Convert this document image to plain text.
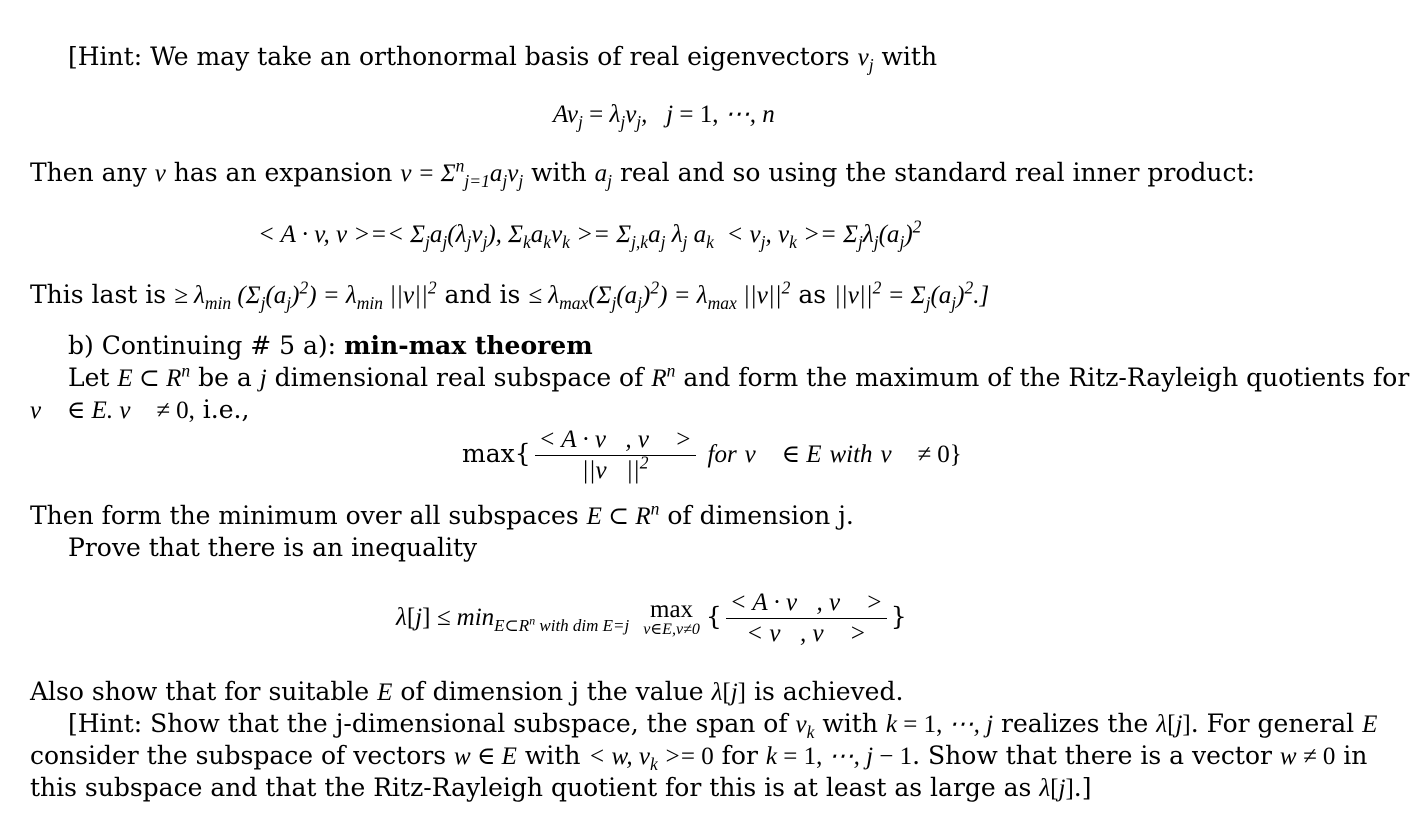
[Hint: We may take an orthonormal basis of real eigenvectors $v_j$ with
$Av_j = \lambda_jv_j$,   j = 1, ⋯, n
Then any v has an expansion $v = \Sigma^n_{j=1}a_jv_j$ with $a_j$ real and so using the standard real inner product:
< A · v, v >=< $\Sigma_ja_j(\lambda_jv_j)$, $\Sigma_ka_kv_k >= \Sigma_{j,k}a_j$ $\lambda_j$ $a_k < v_j$, $v_k >= \Sigma_j\lambda_j(a_j)^2$
This last is ≥ $\lambda_{min}$ $(\Sigma_j(a_j)^2) = \lambda_{min}$ $||v||^2$ and is ≤ $\lambda_{max}(\Sigma_j(a_j)^2) = \lambda_{max}$ $||v||^2$ as $||v||^2 = \Sigma_j(a_j)^2$.]
b) Continuing # 5 a): min-max theorem
Let E ⊂ $R^n$ be a j dimensional real subspace of $R^n$ and form the maximum of the Ritz-Rayleigh quotients for
v⃗ ∈ E. v⃗ ≠ 0, i.e.,
$\max\{ \frac{< A \cdot v⃗, v⃗ >}{||v⃗||^2}$ for v⃗ ∈ E with v⃗ ≠ 0}
Then form the minimum over all subspaces E ⊂ $R^n$ of dimension j.
Prove that there is an inequality
$\lambda[j] \le \min_{E\subset R^n with dim E=j}$
max
v∈E,v≠0 { $\frac{< A \cdot v⃗, v⃗ >}{< v⃗, v⃗ >}$ }
Also show that for suitable E of dimension j the value λ[j] is achieved.
[Hint: Show that the j-dimensional subspace, the span of $v_k$ with k = 1, ⋯, j realizes the λ[j]. For general E
consider the subspace of vectors w ∈ E with < w, $v_k >= 0$ for k = 1, ⋯, j − 1. Show that there is a vector w ≠ 0 in
this subspace and that the Ritz-Rayleigh quotient for this is at least as large as λ[j].]
